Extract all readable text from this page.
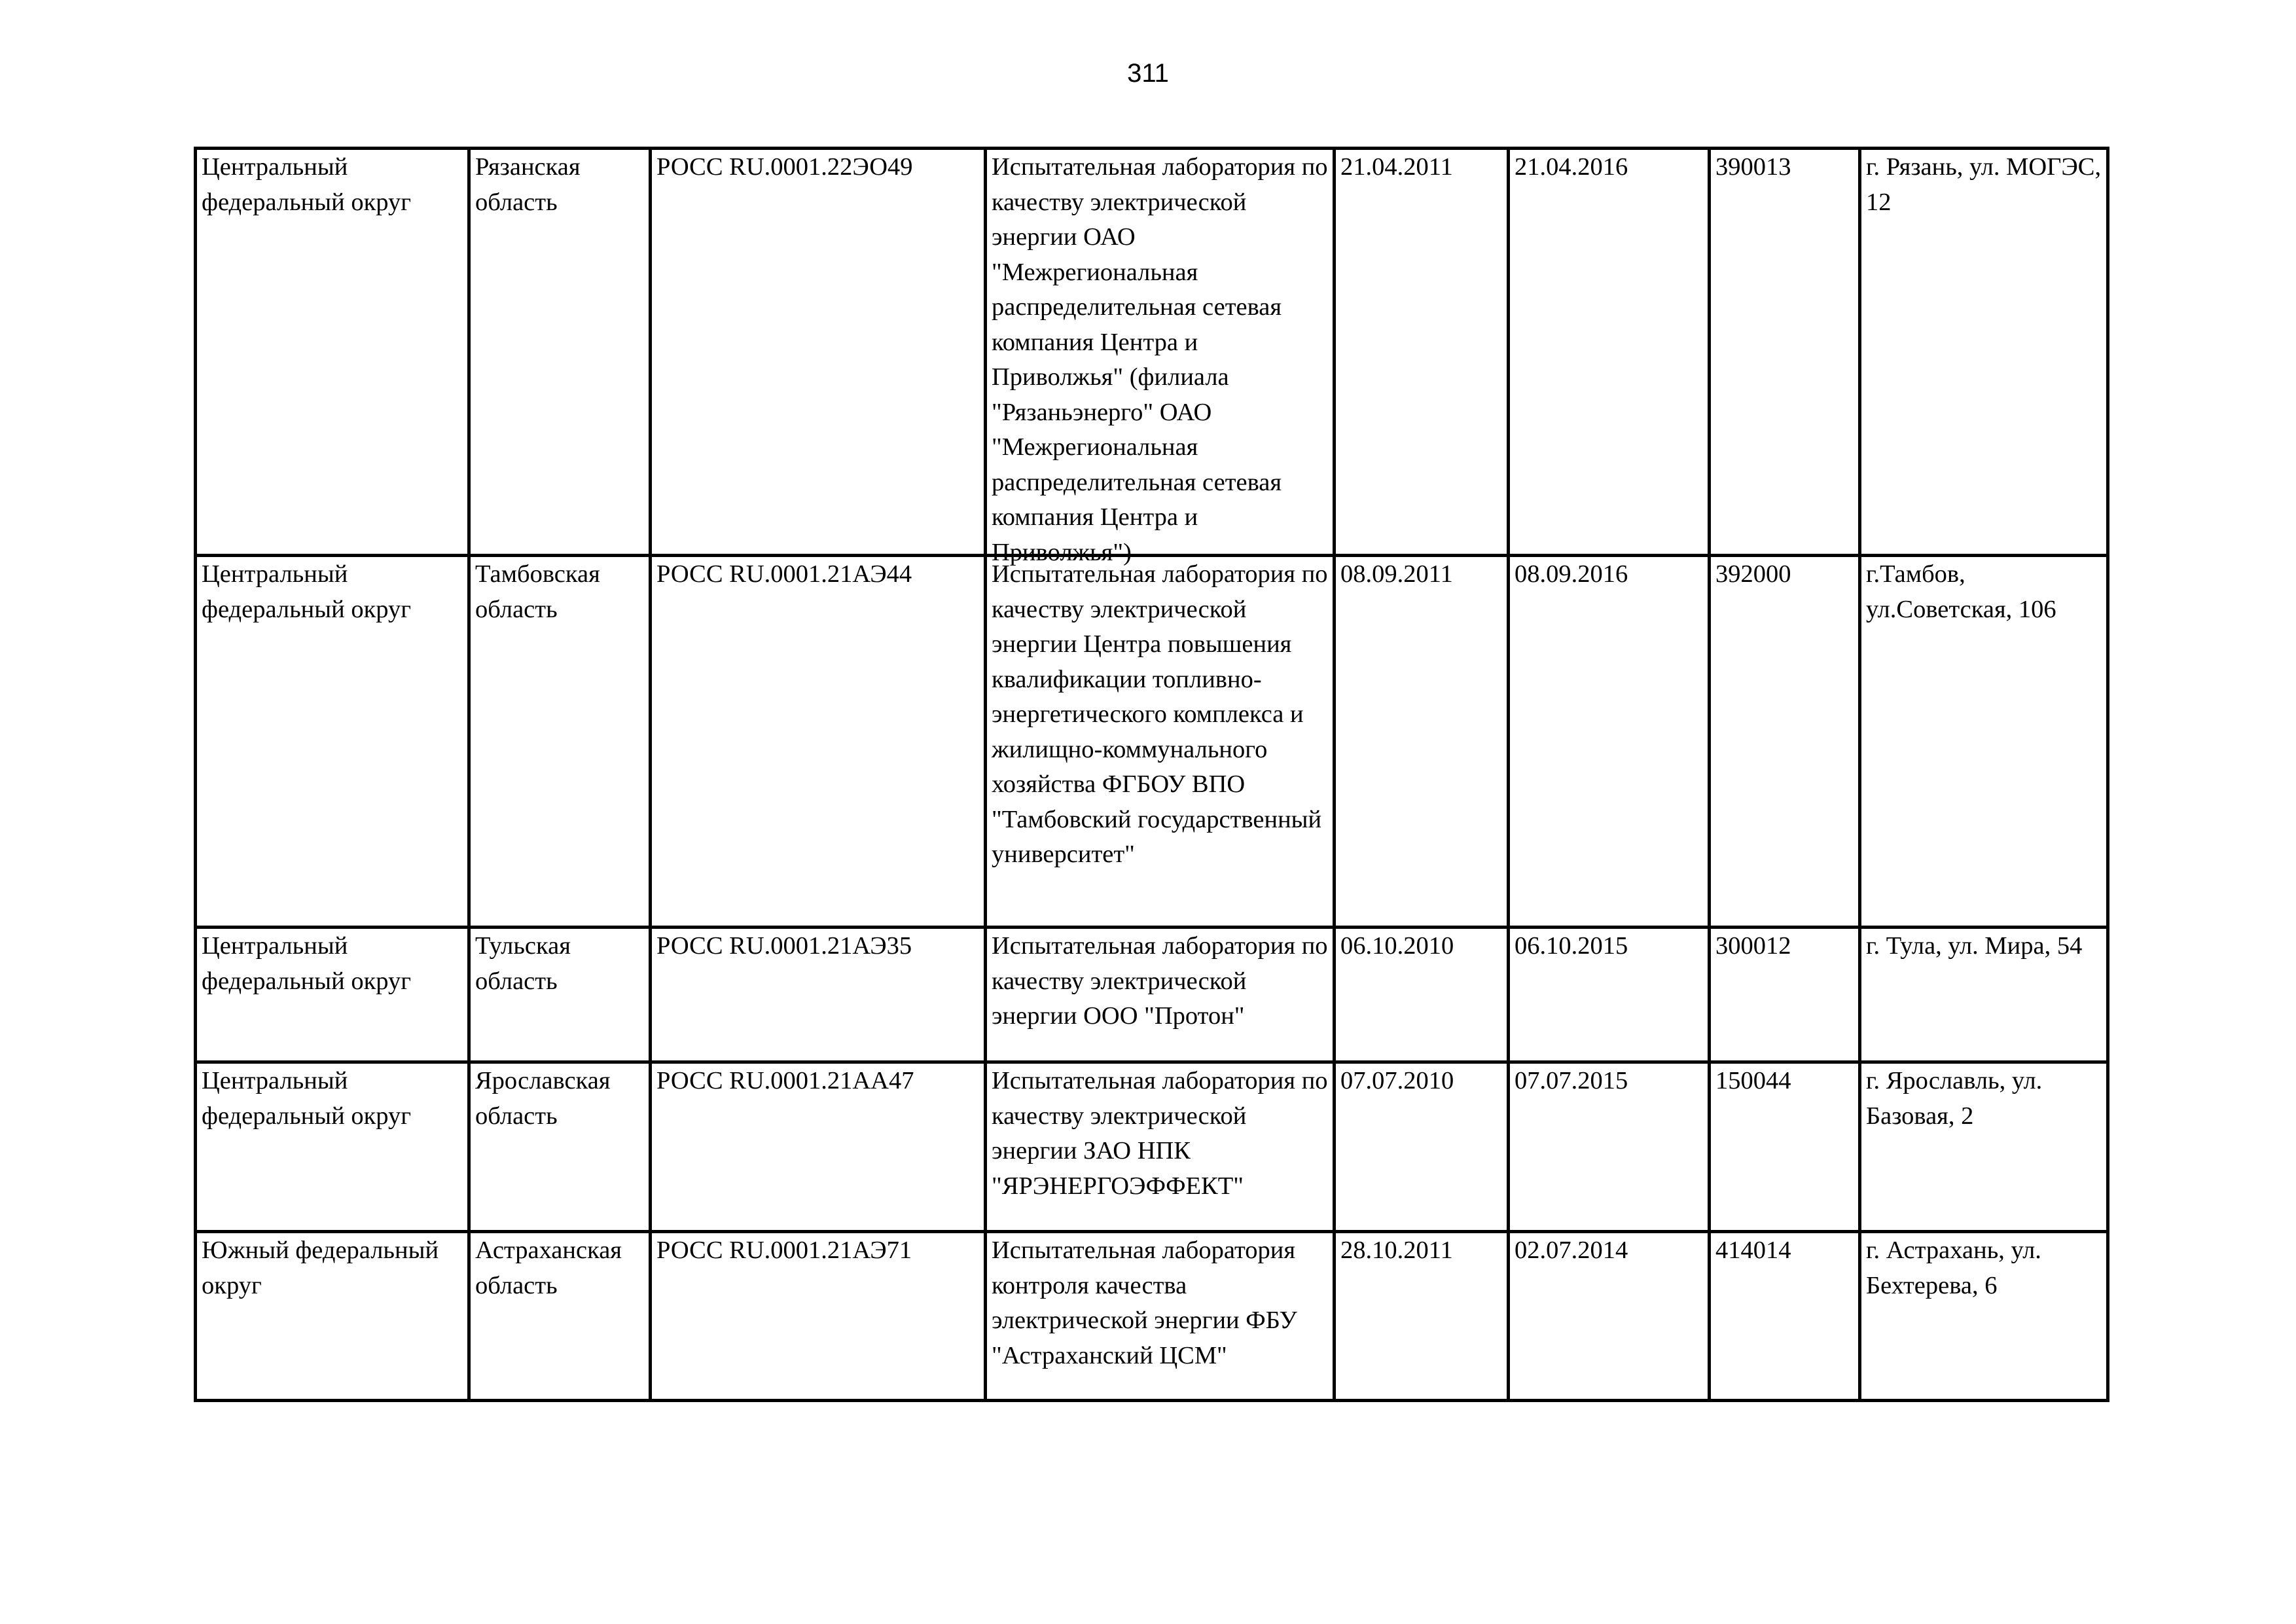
311
Центральный федеральный округ	Рязанская область	РОСС RU.0001.22ЭО49	Испытательная лаборатория по качеству электрической энергии ОАО "Межрегиональная распределительная сетевая компания Центра и Приволжья" (филиала "Рязаньэнерго" ОАО "Межрегиональная распределительная сетевая компания Центра и Приволжья")	21.04.2011	21.04.2016	390013	г. Рязань, ул. МОГЭС, 12
Центральный федеральный округ	Тамбовская область	РОСС RU.0001.21АЭ44	Испытательная лаборатория по качеству электрической энергии Центра повышения квалификации топливно-энергетического комплекса и жилищно-коммунального хозяйства ФГБОУ ВПО "Тамбовский государственный университет"	08.09.2011	08.09.2016	392000	г.Тамбов, ул.Советская, 106
Центральный федеральный округ	Тульская область	РОСС RU.0001.21АЭ35	Испытательная лаборатория по качеству электрической энергии ООО "Протон"	06.10.2010	06.10.2015	300012	г. Тула, ул. Мира, 54
Центральный федеральный округ	Ярославская область	РОСС RU.0001.21АА47	Испытательная лаборатория по качеству электрической энергии ЗАО НПК "ЯРЭНЕРГОЭФФЕКТ"	07.07.2010	07.07.2015	150044	г. Ярославль, ул. Базовая, 2
Южный федеральный округ	Астраханская область	РОСС RU.0001.21АЭ71	Испытательная лаборатория контроля качества электрической энергии ФБУ "Астраханский ЦСМ"	28.10.2011	02.07.2014	414014	г. Астрахань, ул. Бехтерева, 6
